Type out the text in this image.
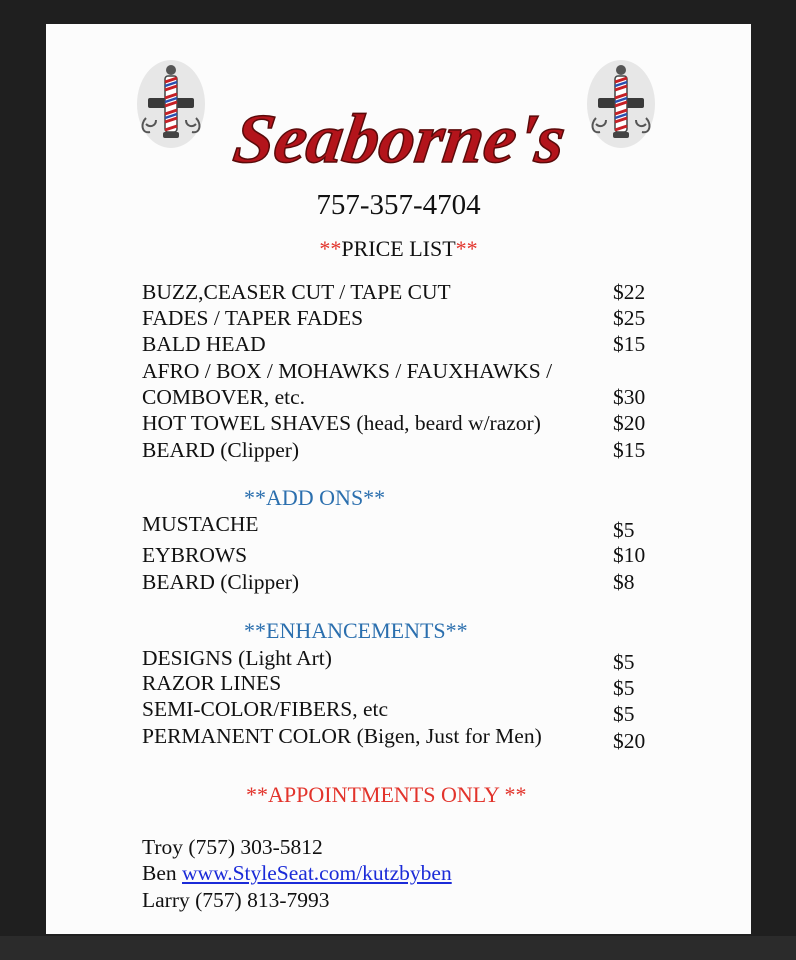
Seaborne's
757-357-4704
**PRICE LIST**
BUZZ,CEASER CUT / TAPE CUT	$22
FADES / TAPER FADES	$25
BALD HEAD	$15
AFRO / BOX / MOHAWKS / FAUXHAWKS /
COMBOVER, etc.	$30
HOT TOWEL SHAVES (head, beard w/razor)	$20
BEARD (Clipper)	$15
**ADD ONS**
MUSTACHE	$5
EYBROWS	$10
BEARD (Clipper)	$8
**ENHANCEMENTS**
DESIGNS (Light Art)	$5
RAZOR LINES	$5
SEMI-COLOR/FIBERS, etc	$5
PERMANENT COLOR (Bigen, Just for Men)	$20
**APPOINTMENTS ONLY **
Troy (757) 303-5812
Ben www.StyleSeat.com/kutzbyben
Larry (757) 813-7993
